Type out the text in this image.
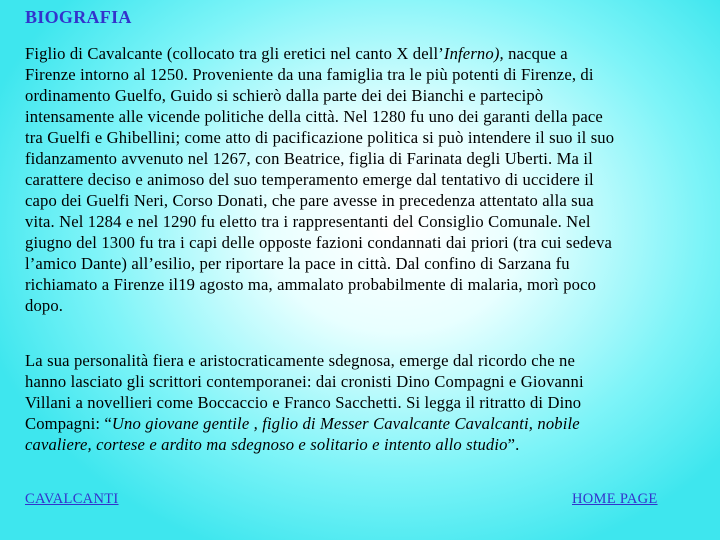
BIOGRAFIA
Figlio di Cavalcante (collocato tra gli eretici nel canto X dell’Inferno), nacque a
Firenze intorno al 1250. Proveniente da una famiglia tra le più potenti di Firenze, di
ordinamento Guelfo, Guido si schierò dalla parte dei dei Bianchi e partecipò
intensamente alle vicende politiche della città. Nel 1280 fu uno dei garanti della pace
tra Guelfi e Ghibellini; come atto di pacificazione politica si può intendere il suo il suo
fidanzamento avvenuto nel 1267, con Beatrice, figlia di Farinata degli Uberti. Ma il
carattere deciso e animoso del suo temperamento emerge dal tentativo di uccidere il
capo dei Guelfi Neri, Corso Donati, che pare avesse in precedenza attentato alla sua
vita. Nel 1284 e nel 1290 fu eletto tra i rappresentanti del Consiglio Comunale. Nel
giugno del 1300 fu tra i capi delle opposte fazioni condannati dai priori (tra cui sedeva
l’amico Dante) all’esilio, per riportare la pace in città. Dal confino di Sarzana fu
richiamato a Firenze il19 agosto ma, ammalato probabilmente di malaria, morì poco
dopo.
La sua personalità fiera e aristocraticamente sdegnosa, emerge dal ricordo che ne
hanno lasciato gli scrittori contemporanei: dai cronisti Dino Compagni e Giovanni
Villani a novellieri come Boccaccio e Franco Sacchetti. Si legga il ritratto di Dino
Compagni: “Uno giovane gentile , figlio di Messer Cavalcante Cavalcanti, nobile
cavaliere, cortese e ardito ma sdegnoso e solitario e intento allo studio”.
CAVALCANTI	HOME PAGE
